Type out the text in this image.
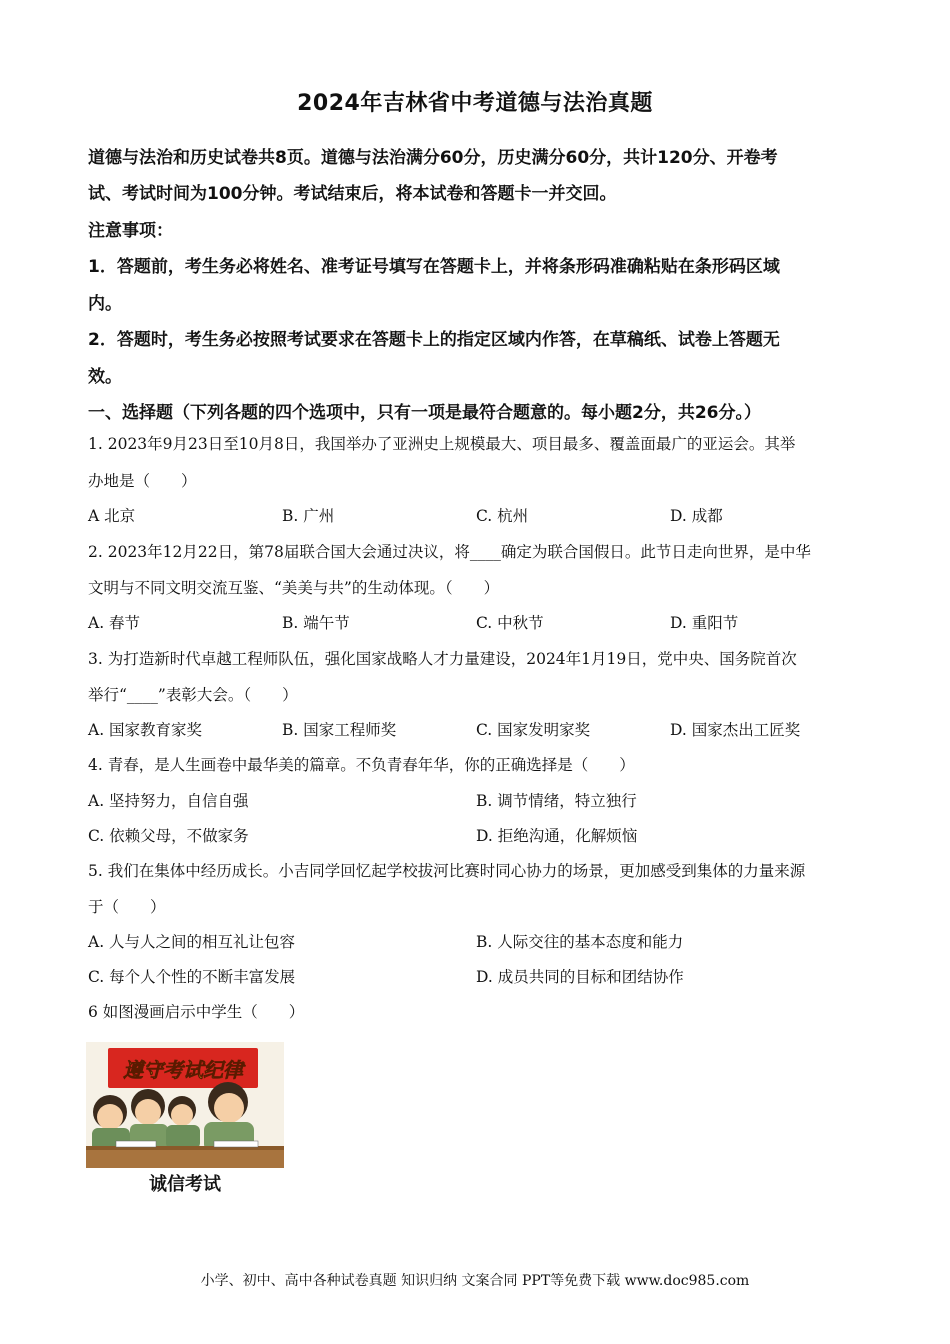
2024年吉林省中考道德与法治真题
道德与法治和历史试卷共8页。道德与法治满分60分，历史满分60分，共计120分、开卷考
试、考试时间为100分钟。考试结束后，将本试卷和答题卡一并交回。
注意事项：
1．答题前，考生务必将姓名、准考证号填写在答题卡上，并将条形码准确粘贴在条形码区域
内。
2．答题时，考生务必按照考试要求在答题卡上的指定区域内作答，在草稿纸、试卷上答题无
效。
一、选择题（下列各题的四个选项中，只有一项是最符合题意的。每小题2分，共26分。）
1. 2023年9月23日至10月8日，我国举办了亚洲史上规模最大、项目最多、覆盖面最广的亚运会。其举
办地是（　　）
A 北京	B. 广州	C. 杭州	D. 成都
2. 2023年12月22日，第78届联合国大会通过决议，将____确定为联合国假日。此节日走向世界，是中华
文明与不同文明交流互鉴、“美美与共”的生动体现。（　　）
A. 春节	B. 端午节	C. 中秋节	D. 重阳节
3. 为打造新时代卓越工程师队伍，强化国家战略人才力量建设，2024年1月19日，党中央、国务院首次
举行“____”表彰大会。（　　）
A. 国家教育家奖	B. 国家工程师奖	C. 国家发明家奖	D. 国家杰出工匠奖
4. 青春，是人生画卷中最华美的篇章。不负青春年华，你的正确选择是（　　）
A. 坚持努力，自信自强	B. 调节情绪，特立独行
C. 依赖父母，不做家务	D. 拒绝沟通，化解烦恼
5. 我们在集体中经历成长。小吉同学回忆起学校拔河比赛时同心协力的场景，更加感受到集体的力量来源
于（　　）
A. 人与人之间的相互礼让包容	B. 人际交往的基本态度和能力
C. 每个人个性的不断丰富发展	D. 成员共同的目标和团结协作
6 如图漫画启示中学生（　　）
遵守考试纪律
诚信考试
小学、初中、高中各种试卷真题 知识归纳 文案合同 PPT等免费下载 www.doc985.com
